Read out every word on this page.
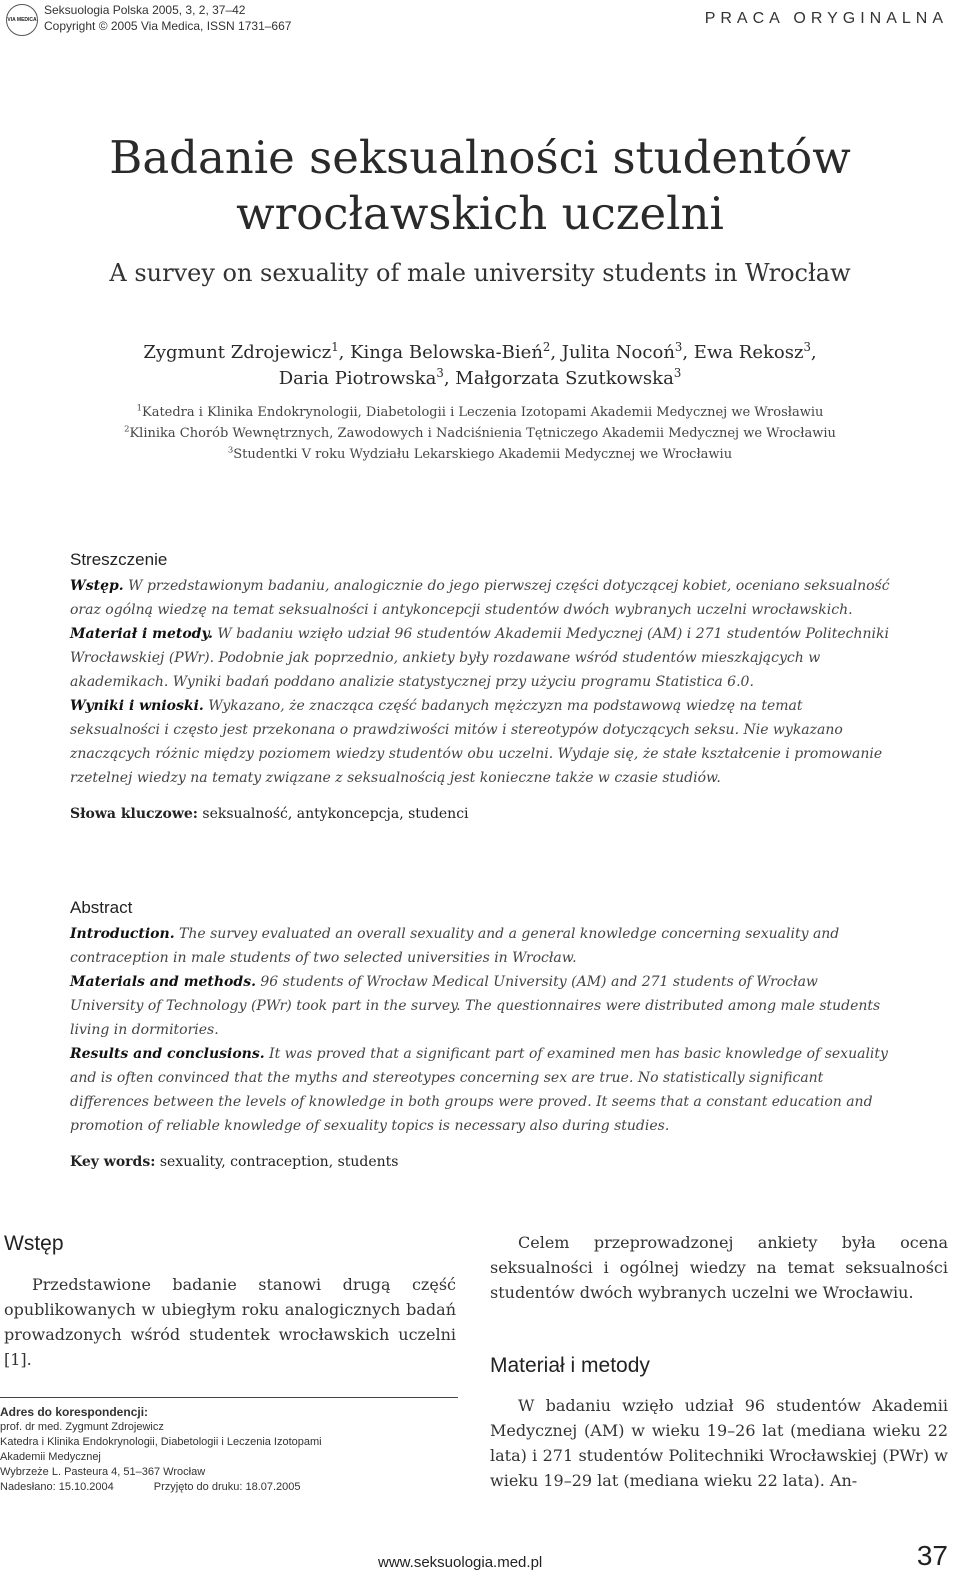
VIA MEDICA
Seksuologia Polska 2005, 3, 2, 37–42
Copyright © 2005 Via Medica, ISSN 1731–667	PRACA ORYGINALNA
Badanie seksualności studentów
wrocławskich uczelni
A survey on sexuality of male university students in Wrocław
Zygmunt Zdrojewicz$^1$, Kinga Belowska-Bień$^2$, Julita Nocoń$^3$, Ewa Rekosz$^3$,
Daria Piotrowska$^3$, Małgorzata Szutkowska$^3$
$^1$Katedra i Klinika Endokrynologii, Diabetologii i Leczenia Izotopami Akademii Medycznej we Wrosławiu
$^2$Klinika Chorób Wewnętrznych, Zawodowych i Nadciśnienia Tętniczego Akademii Medycznej we Wrocławiu
$^3$Studentki V roku Wydziału Lekarskiego Akademii Medycznej we Wrocławiu
Streszczenie

Wstęp. W przedstawionym badaniu, analogicznie do jego pierwszej części dotyczącej kobiet, oceniano seksualność oraz ogólną wiedzę na temat seksualności i antykoncepcji studentów dwóch wybranych uczelni wrocławskich.

Materiał i metody. W badaniu wzięło udział 96 studentów Akademii Medycznej (AM) i 271 studentów Politechniki Wrocławskiej (PWr). Podobnie jak poprzednio, ankiety były rozdawane wśród studentów mieszkających w akademikach. Wyniki badań poddano analizie statystycznej przy użyciu programu Statistica 6.0.

Wyniki i wnioski. Wykazano, że znacząca część badanych mężczyzn ma podstawową wiedzę na temat seksualności i często jest przekonana o prawdziwości mitów i stereotypów dotyczących seksu. Nie wykazano znaczących różnic między poziomem wiedzy studentów obu uczelni. Wydaje się, że stałe kształcenie i promowanie rzetelnej wiedzy na tematy związane z seksualnością jest konieczne także w czasie studiów.

Słowa kluczowe: seksualność, antykoncepcja, studenci
Abstract

Introduction. The survey evaluated an overall sexuality and a general knowledge concerning sexuality and contraception in male students of two selected universities in Wrocław.

Materials and methods. 96 students of Wrocław Medical University (AM) and 271 students of Wrocław University of Technology (PWr) took part in the survey. The questionnaires were distributed among male students living in dormitories.

Results and conclusions. It was proved that a significant part of examined men has basic knowledge of sexuality and is often convinced that the myths and stereotypes concerning sex are true. No statistically significant differences between the levels of knowledge in both groups were proved. It seems that a constant education and promotion of reliable knowledge of sexuality topics is necessary also during studies.

Key words: sexuality, contraception, students
Wstęp

Przedstawione badanie stanowi drugą część opublikowanych w ubiegłym roku analogicznych badań prowadzonych wśród studentek wrocławskich uczelni [1].

Celem przeprowadzonej ankiety była ocena seksualności i ogólnej wiedzy na temat seksualności studentów dwóch wybranych uczelni we Wrocławiu.

Materiał i metody

W badaniu wzięło udział 96 studentów Akademii Medycznej (AM) w wieku 19–26 lat (mediana wieku 22 lata) i 271 studentów Politechniki Wrocławskiej (PWr) w wieku 19–29 lat (mediana wieku 22 lata). An-

Adres do korespondencji:
prof. dr med. Zygmunt Zdrojewicz
Katedra i Klinika Endokrynologii, Diabetologii i Leczenia Izotopami
Akademii Medycznej
Wybrzeże L. Pasteura 4, 51–367 Wrocław
Nadesłano: 15.10.2004	Przyjęto do druku: 18.07.2005
www.seksuologia.med.pl	37
